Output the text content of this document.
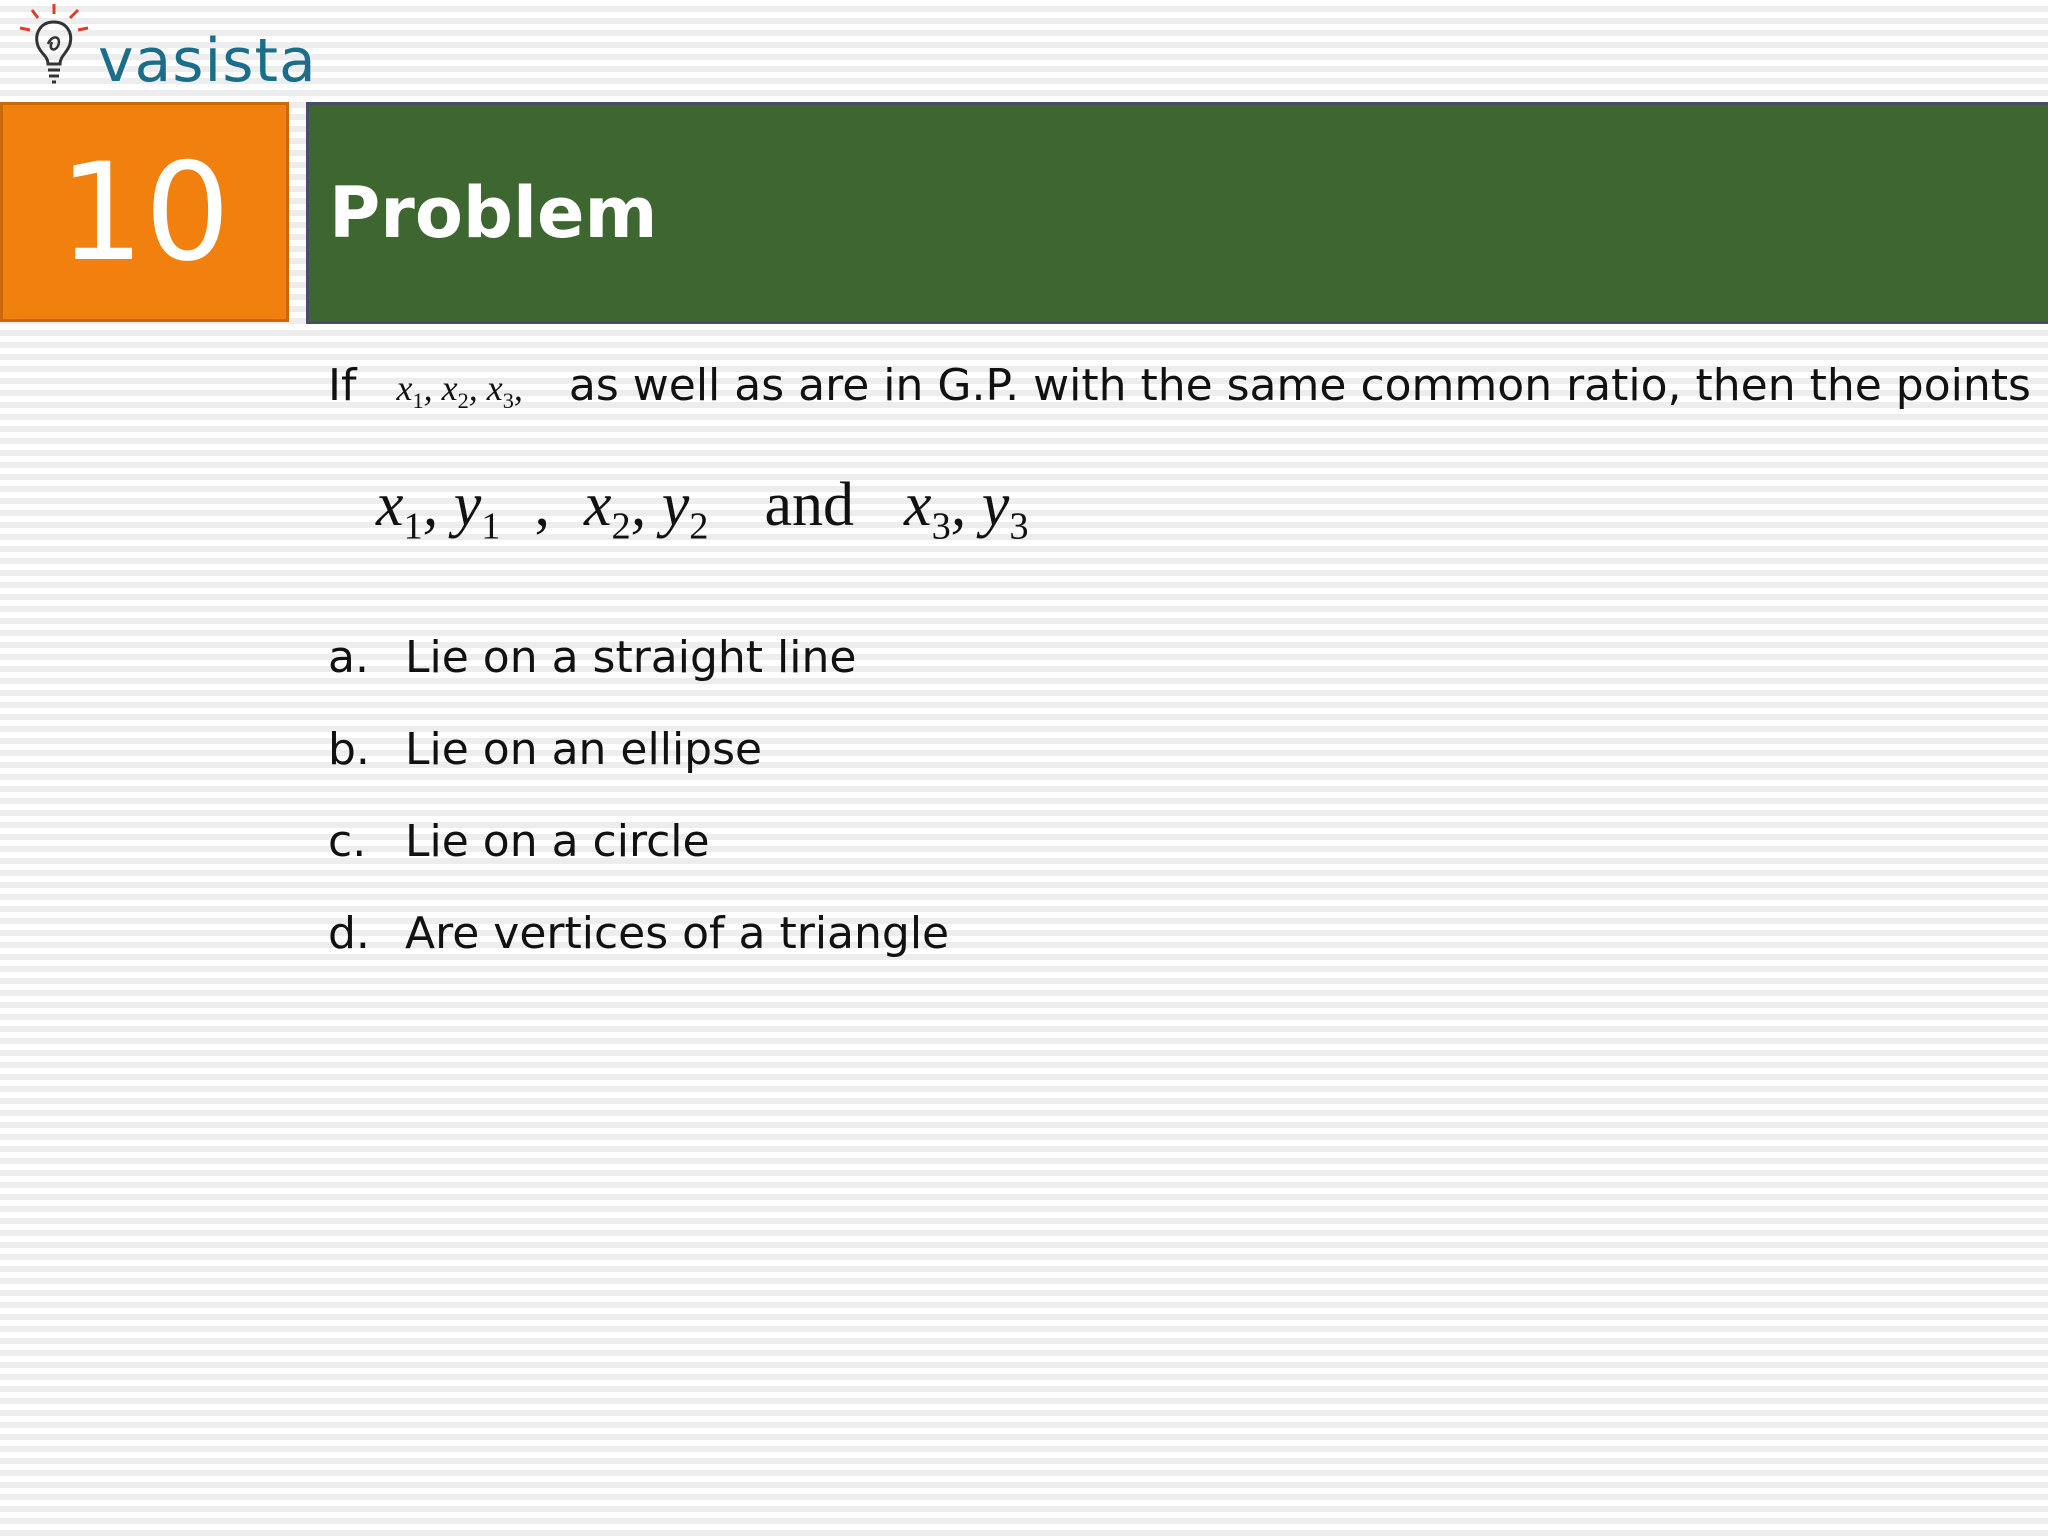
vasista
10 Problem
If $x_1$, $x_2$, $x_3$, as well as are in G.P. with the same common ratio, then the points
$x_1$, $y_1$ , $x_2$, $y_2$ and $x_3$, $y_3$
a. Lie on a straight line
b. Lie on an ellipse
c. Lie on a circle
d. Are vertices of a triangle
